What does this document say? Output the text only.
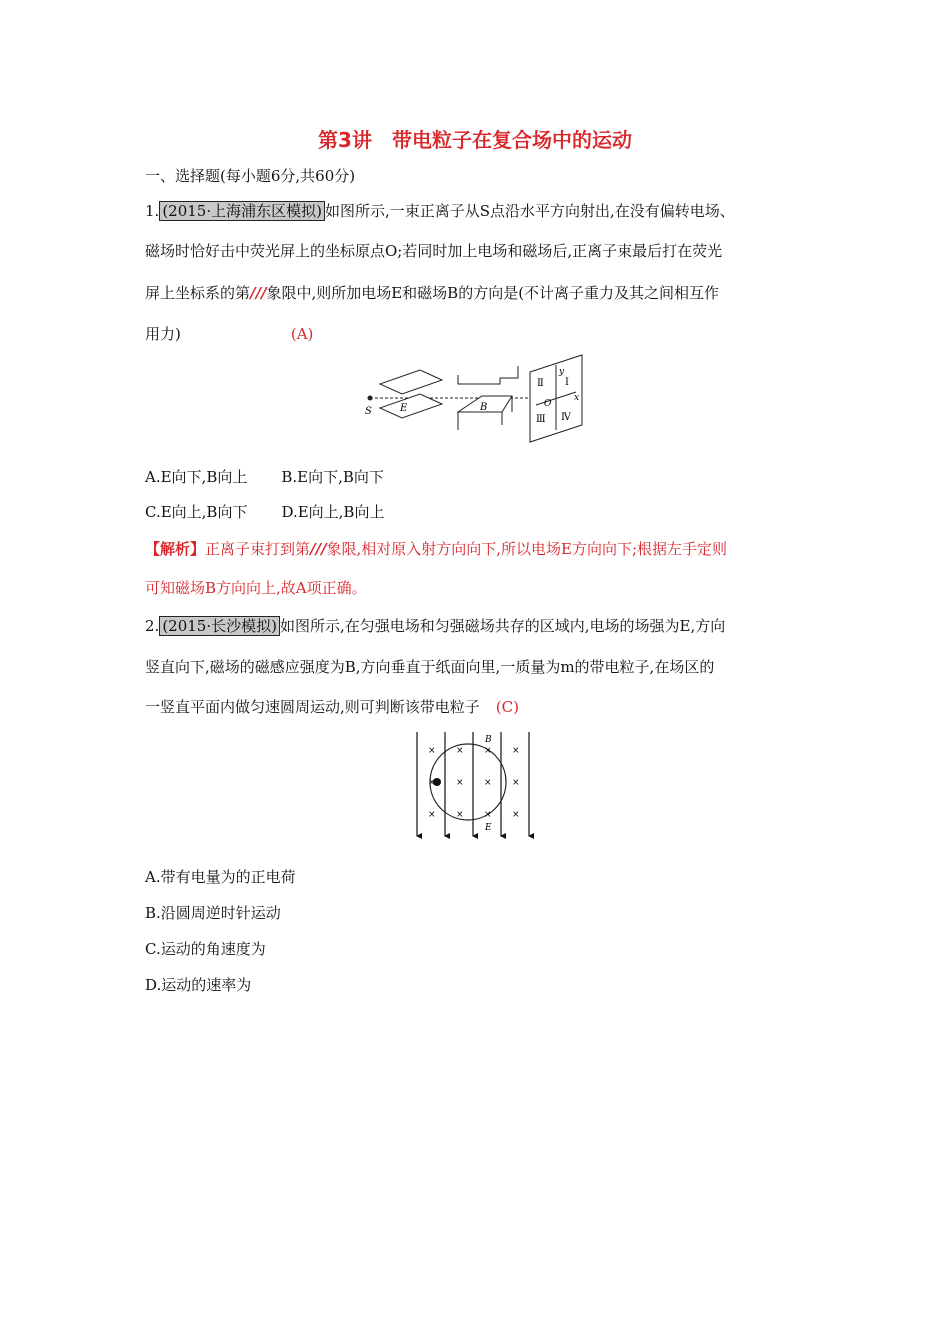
第3讲　带电粒子在复合场中的运动
一、选择题(每小题6分,共60分)
1. (2015·上海浦东区模拟) 如图所示,一束正离子从S点沿水平方向射出,在没有偏转电场、
磁场时恰好击中荧光屏上的坐标原点O;若同时加上电场和磁场后,正离子束最后打在荧光
屏上坐标系的第///象限中,则所加电场E和磁场B的方向是(不计离子重力及其之间相互作
用力)	(A)
S	E	B
y
x
O
Ⅱ Ⅰ
Ⅲ Ⅳ
A.E向下,B向上 B.E向下,B向下
C.E向上,B向下 D.E向上,B向上
【解析】正离子束打到第///象限,相对原入射方向向下,所以电场E方向向下;根据左手定则
可知磁场B方向向上,故A项正确。
2. (2015·长沙模拟) 如图所示,在匀强电场和匀强磁场共存的区域内,电场的场强为E,方向
竖直向下,磁场的磁感应强度为B,方向垂直于纸面向里,一质量为m的带电粒子,在场区的
一竖直平面内做匀速圆周运动,则可判断该带电粒子 (C)
× × × ×
× × × ×
× × × ×
B
E
A.带有电量为的正电荷
B.沿圆周逆时针运动
C.运动的角速度为
D.运动的速率为
